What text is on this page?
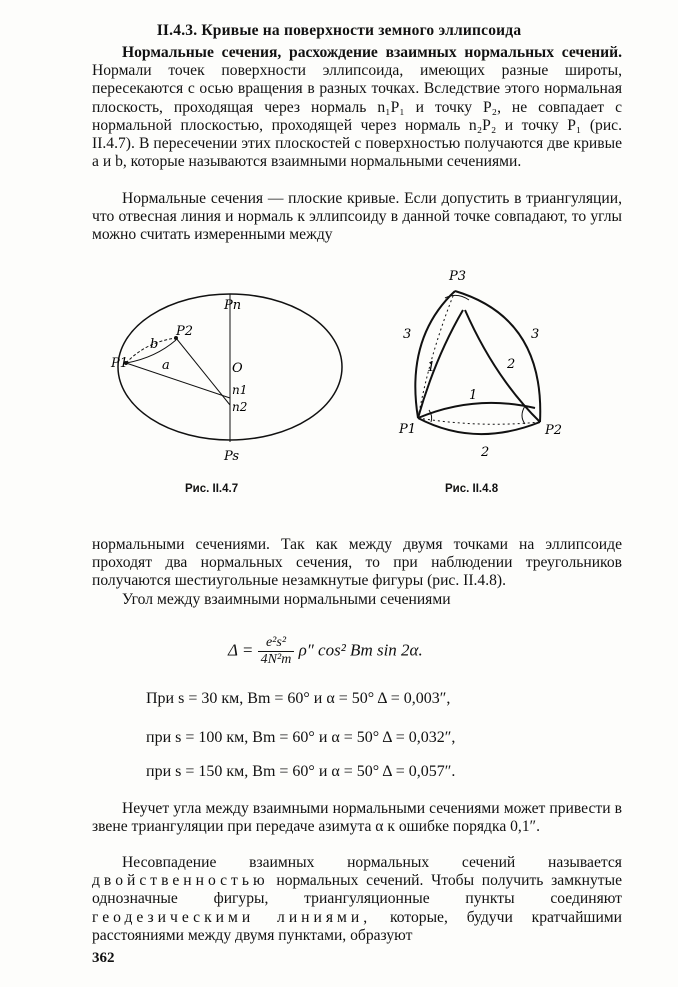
II.4.3. Кривые на поверхности земного эллипсоида

Нормальные сечения, расхождение взаимных нормальных сечений. Нормали точек поверхности эллипсоида, имеющих разные широты, пересекаются с осью вращения в разных точках. Вследствие этого нормальная плоскость, проходящая через нормаль n₁P₁ и точку P₂, не совпадает с нормальной плоскостью, проходящей через нормаль n₂P₂ и точку P₁ (рис. II.4.7). В пересечении этих плоскостей с поверхностью получаются две кривые a и b, которые называются взаимными нормальными сечениями.

Нормальные сечения — плоские кривые. Если допустить в триангуляции, что отвесная линия и нормаль к эллипсоиду в данной точке совпадают, то углы можно считать измеренными между

Pn
Ps
P1
P2
a
b
O
n1
n2
Рис. II.4.7
P3
P1	P2
3	3
1	2
1
2
Рис. II.4.8

нормальными сечениями. Так как между двумя точками на эллипсоиде проходят два нормальных сечения, то при наблюдении треугольников получаются шестиугольные незамкнутые фигуры (рис. II.4.8).

Угол между взаимными нормальными сечениями

$\Delta = \frac{\text{e²s²}}{\text{4N²m}} \rho''$ cos² Bm sin 2α.
При s = 30 км, Bm = 60° и α = 50° Δ = 0,003″,
при s = 100 км, Bm = 60° и α = 50° Δ = 0,032″,
при s = 150 км, Bm = 60° и α = 50° Δ = 0,057″.

Неучет угла между взаимными нормальными сечениями может привести в звене триангуляции при передаче азимута α к ошибке порядка 0,1″.

Несовпадение взаимных нормальных сечений называется двойственностью нормальных сечений. Чтобы получить замкнутые однозначные фигуры, триангуляционные пункты соединяют геодезическими линиями, которые, будучи кратчайшими расстояниями между двумя пунктами, образуют

362
